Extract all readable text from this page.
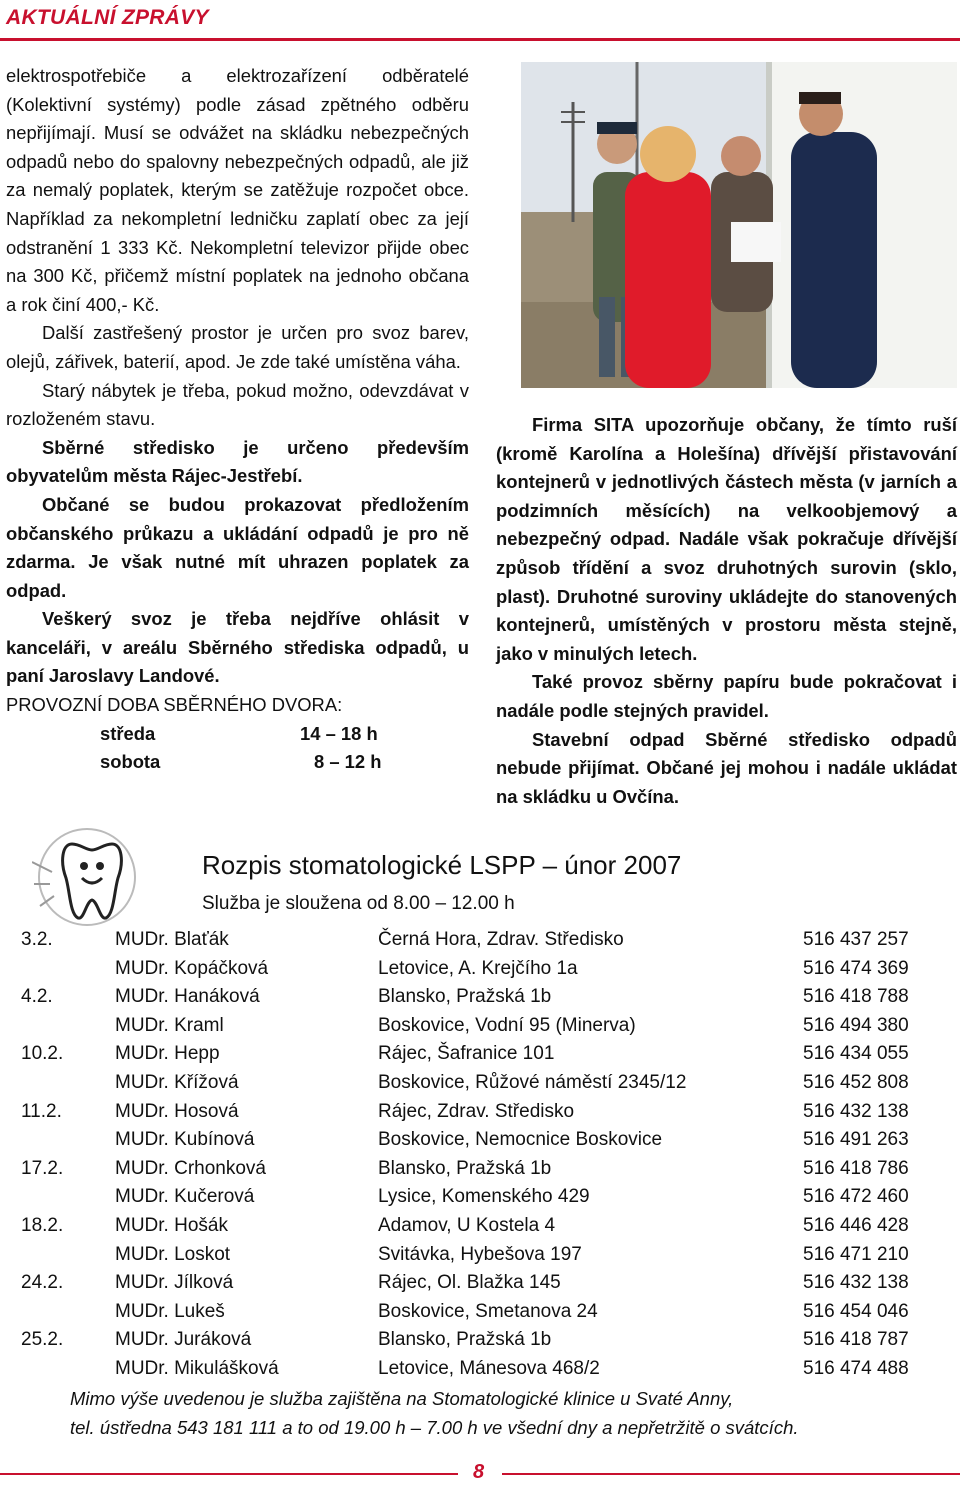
AKTUÁLNÍ ZPRÁVY

elektrospotřebiče a elektrozařízení odběratelé (Kolektivní systémy) podle zásad zpětného odběru nepřijímají. Musí se odvážet na skládku nebezpečných odpadů nebo do spalovny nebezpečných odpadů, ale již za nemalý poplatek, kterým se zatěžuje rozpočet obce. Například za nekompletní ledničku zaplatí obec za její odstranění 1 333 Kč. Nekompletní televizor přijde obec na 300 Kč, přičemž místní poplatek na jednoho občana a rok činí 400,- Kč.

Další zastřešený prostor je určen pro svoz barev, olejů, zářivek, baterií, apod. Je zde také umístěna váha.

Starý nábytek je třeba, pokud možno, odevzdávat v rozloženém stavu.

Sběrné středisko je určeno především obyvatelům města Rájec-Jestřebí.

Občané se budou prokazovat předložením občanského průkazu a ukládání odpadů je pro ně zdarma. Je však nutné mít uhrazen poplatek za odpad.

Veškerý svoz je třeba nejdříve ohlásit v kanceláři, v areálu Sběrného střediska odpadů, u paní Jaroslavy Landové.

PROVOZNÍ DOBA SBĚRNÉHO DVORA:

středa	14 – 18 h
sobota	8 – 12 h

Firma SITA upozorňuje občany, že tímto ruší (kromě Karolína a Holešína) dřívější přistavování kontejnerů v jednotlivých částech města (v jarních a podzimních měsících) na velkoobjemový a nebezpečný odpad. Nadále však pokračuje dřívější způsob třídění a svoz druhotných surovin (sklo, plast). Druhotné suroviny ukládejte do stanovených kontejnerů, umístěných v prostoru města stejně, jako v minulých letech.

Také provoz sběrny papíru bude pokračovat i nadále podle stejných pravidel.

Stavební odpad Sběrné středisko odpadů nebude přijímat. Občané jej mohou i nadále ukládat na skládku u Ovčína.

Rozpis stomatologické LSPP – únor 2007
Služba je sloužena od 8.00 – 12.00 h
3.2.	MUDr. Blaťák	Černá Hora, Zdrav. Středisko	516 437 257
MUDr. Kopáčková	Letovice, A. Krejčího 1a	516 474 369
4.2.	MUDr. Hanáková	Blansko, Pražská 1b	516 418 788
MUDr. Kraml	Boskovice, Vodní 95 (Minerva)	516 494 380
10.2.	MUDr. Hepp	Rájec, Šafranice 101	516 434 055
MUDr. Křížová	Boskovice, Růžové náměstí 2345/12	516 452 808
11.2.	MUDr. Hosová	Rájec, Zdrav. Středisko	516 432 138
MUDr. Kubínová	Boskovice, Nemocnice Boskovice	516 491 263
17.2.	MUDr. Crhonková	Blansko, Pražská 1b	516 418 786
MUDr. Kučerová	Lysice, Komenského 429	516 472 460
18.2.	MUDr. Hošák	Adamov, U Kostela 4	516 446 428
MUDr. Loskot	Svitávka, Hybešova 197	516 471 210
24.2.	MUDr. Jílková	Rájec, Ol. Blažka 145	516 432 138
MUDr. Lukeš	Boskovice, Smetanova 24	516 454 046
25.2.	MUDr. Juráková	Blansko, Pražská 1b	516 418 787
MUDr. Mikulášková	Letovice, Mánesova 468/2	516 474 488
Mimo výše uvedenou je služba zajištěna na Stomatologické klinice u Svaté Anny,
tel. ústředna 543 181 111 a to od 19.00 h – 7.00 h ve všední dny a nepřetržitě o svátcích.
8
